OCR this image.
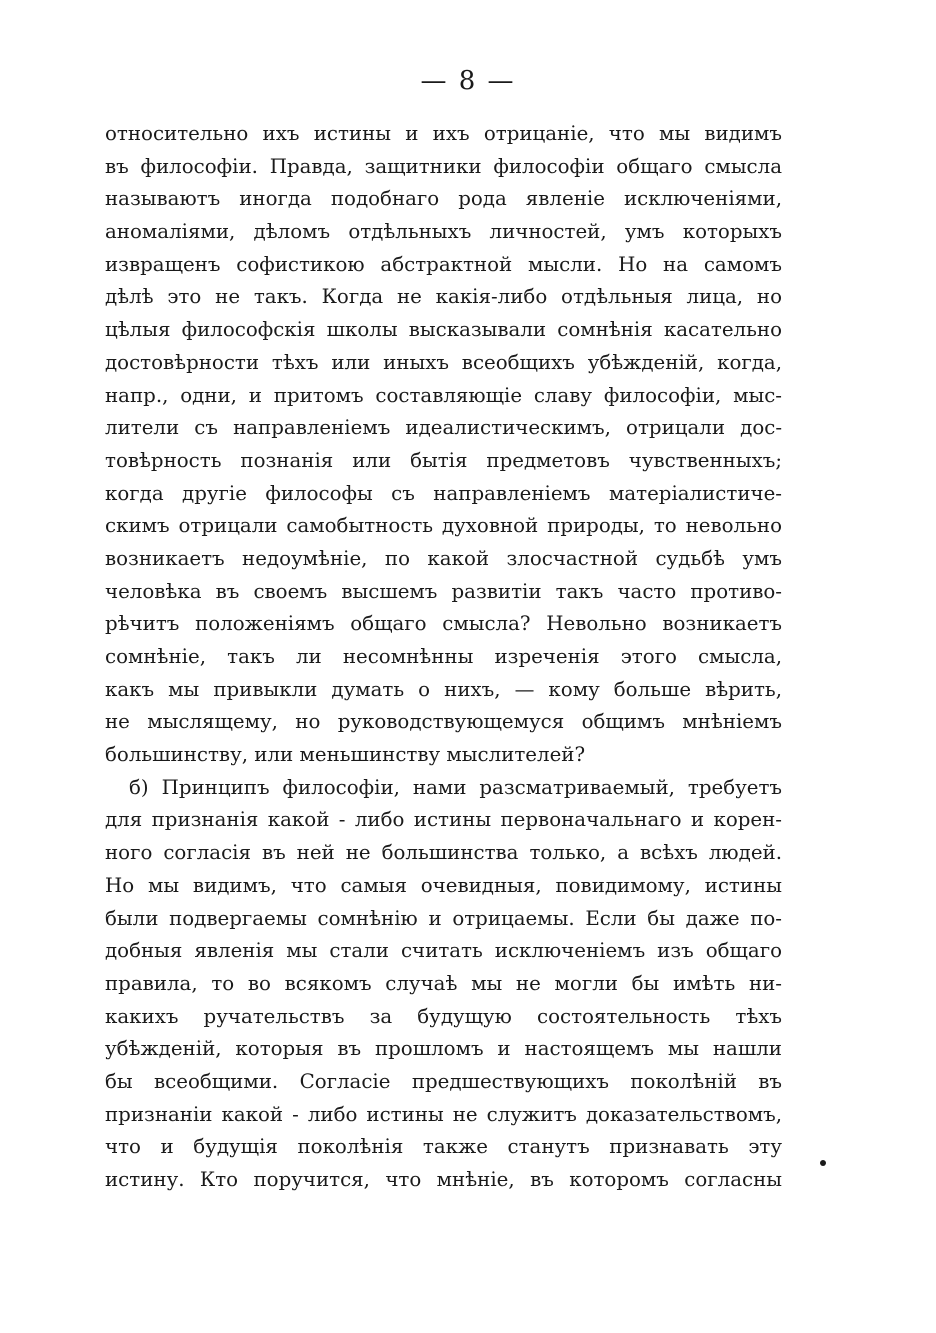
— 8 —
относительно ихъ истины и ихъ отрицаніе, что мы видимъ
въ философіи. Правда, защитники философіи общаго смысла
называютъ иногда подобнаго рода явленіе исключеніями,
аномаліями, дѣломъ отдѣльныхъ личностей, умъ которыхъ
извращенъ софистикою абстрактной мысли. Но на самомъ
дѣлѣ это не такъ. Когда не какія-либо отдѣльныя лица, но
цѣлыя философскія школы высказывали сомнѣнія касательно
достовѣрности тѣхъ или иныхъ всеобщихъ убѣжденій, когда,
напр., одни, и притомъ составляющіе славу философіи, мыс-
лители съ направленіемъ идеалистическимъ, отрицали дос-
товѣрность познанія или бытія предметовъ чувственныхъ;
когда другіе философы съ направленіемъ матеріалистиче-
скимъ отрицали самобытность духовной природы, то невольно
возникаетъ недоумѣніе, по какой злосчастной судьбѣ умъ
человѣка въ своемъ высшемъ развитіи такъ часто противо-
рѣчитъ положеніямъ общаго смысла? Невольно возникаетъ
сомнѣніе, такъ ли несомнѣнны изреченія этого смысла,
какъ мы привыкли думать о нихъ, — кому больше вѣрить,
не мыслящему, но руководствующемуся общимъ мнѣніемъ
большинству, или меньшинству мыслителей?
б) Принципъ философіи, нами разсматриваемый, требуетъ
для признанія какой - либо истины первоначальнаго и корен-
ного согласія въ ней не большинства только, а всѣхъ людей.
Но мы видимъ, что самыя очевидныя, повидимому, истины
были подвергаемы сомнѣнію и отрицаемы. Если бы даже по-
добныя явленія мы стали считать исключеніемъ изъ общаго
правила, то во всякомъ случаѣ мы не могли бы имѣть ни-
какихъ ручательствъ за будущую состоятельность тѣхъ
убѣжденій, которыя въ прошломъ и настоящемъ мы нашли
бы всеобщими. Согласіе предшествующихъ поколѣній въ
признаніи какой - либо истины не служитъ доказательствомъ,
что и будущія поколѣнія также станутъ признавать эту
истину. Кто поручится, что мнѣніе, въ которомъ согласны
